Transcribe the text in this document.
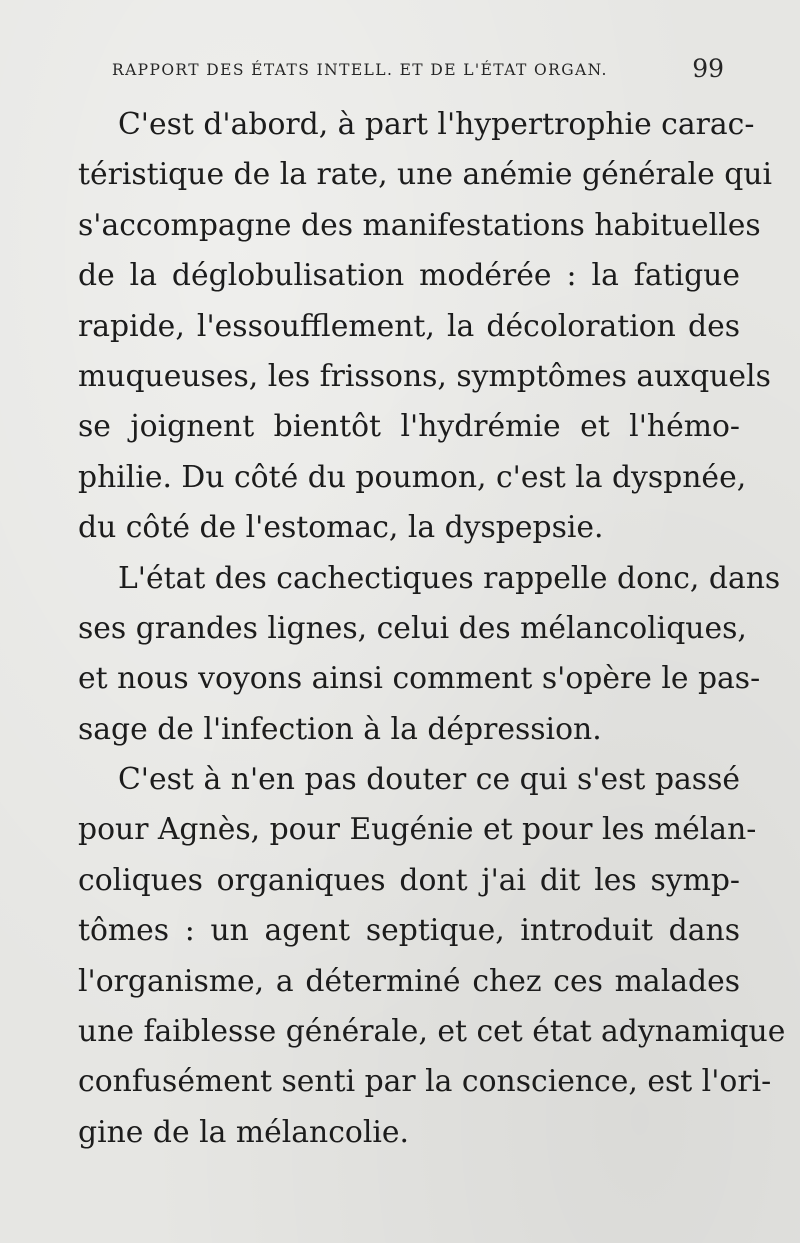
RAPPORT DES ÉTATS INTELL. ET DE L'ÉTAT ORGAN.	99
C'est d'abord, à part l'hypertrophie carac-
téristique de la rate, une anémie générale qui
s'accompagne des manifestations habituelles
de la déglobulisation modérée : la fatigue
rapide, l'essoufflement, la décoloration des
muqueuses, les frissons, symptômes auxquels
se joignent bientôt l'hydrémie et l'hémo-
philie. Du côté du poumon, c'est la dyspnée,
du côté de l'estomac, la dyspepsie.
L'état des cachectiques rappelle donc, dans
ses grandes lignes, celui des mélancoliques,
et nous voyons ainsi comment s'opère le pas-
sage de l'infection à la dépression.
C'est à n'en pas douter ce qui s'est passé
pour Agnès, pour Eugénie et pour les mélan-
coliques organiques dont j'ai dit les symp-
tômes : un agent septique, introduit dans
l'organisme, a déterminé chez ces malades
une faiblesse générale, et cet état adynamique
confusément senti par la conscience, est l'ori-
gine de la mélancolie.
